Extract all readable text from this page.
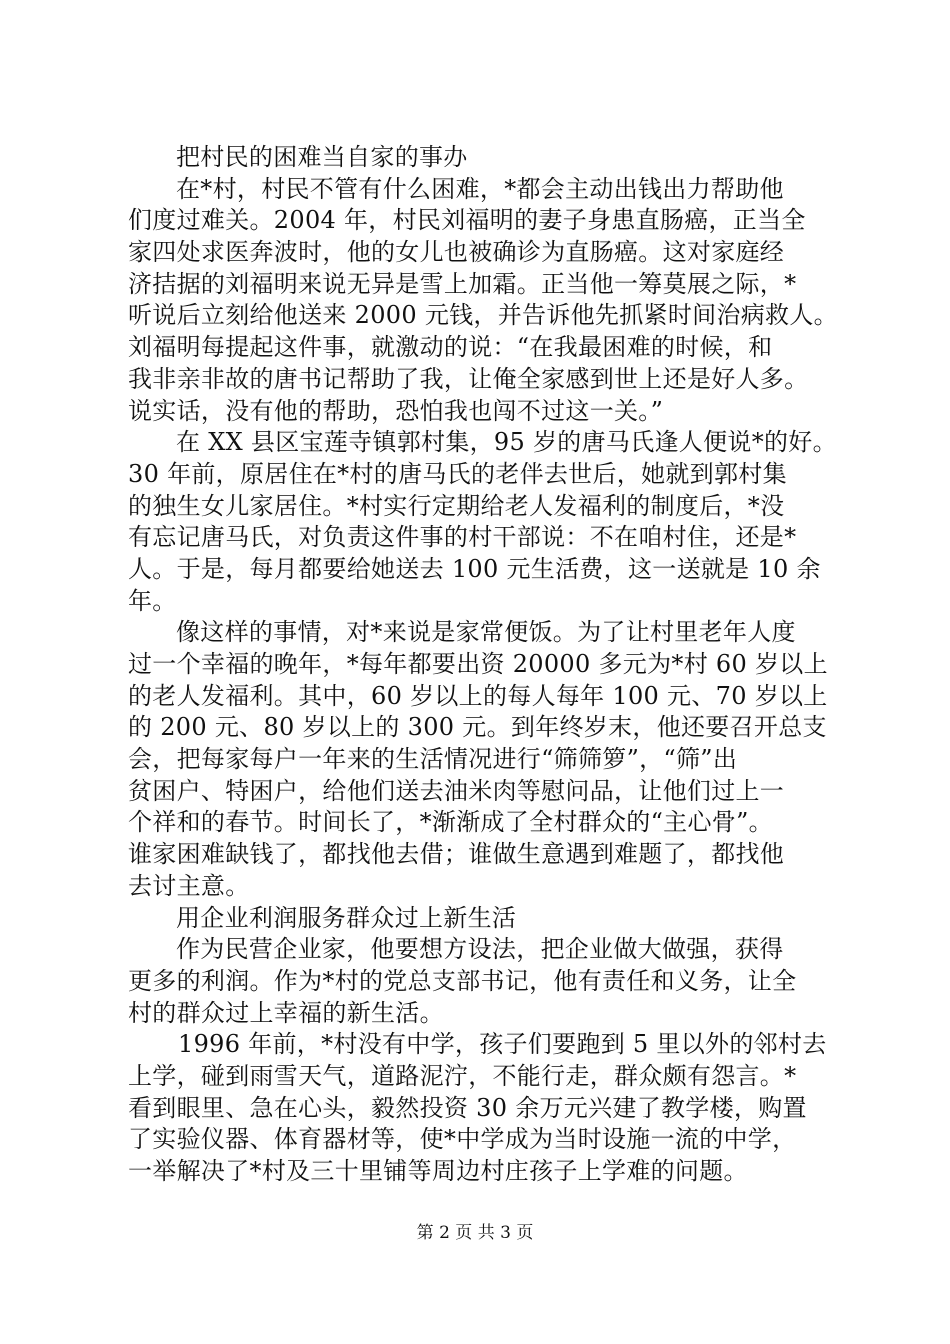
把村民的困难当自家的事办
在*村，村民不管有什么困难，*都会主动出钱出力帮助他
们度过难关。2004 年，村民刘福明的妻子身患直肠癌，正当全
家四处求医奔波时，他的女儿也被确诊为直肠癌。这对家庭经
济拮据的刘福明来说无异是雪上加霜。正当他一筹莫展之际，*
听说后立刻给他送来 2000 元钱，并告诉他先抓紧时间治病救人。
刘福明每提起这件事，就激动的说：“在我最困难的时候，和
我非亲非故的唐书记帮助了我，让俺全家感到世上还是好人多。
说实话，没有他的帮助，恐怕我也闯不过这一关。”
在 XX 县区宝莲寺镇郭村集，95 岁的唐马氏逢人便说*的好。
30 年前，原居住在*村的唐马氏的老伴去世后，她就到郭村集
的独生女儿家居住。*村实行定期给老人发福利的制度后，*没
有忘记唐马氏，对负责这件事的村干部说：不在咱村住，还是*
人。于是，每月都要给她送去 100 元生活费，这一送就是 10 余
年。
像这样的事情，对*来说是家常便饭。为了让村里老年人度
过一个幸福的晚年，*每年都要出资 20000 多元为*村 60 岁以上
的老人发福利。其中，60 岁以上的每人每年 100 元、70 岁以上
的 200 元、80 岁以上的 300 元。到年终岁末，他还要召开总支
会，把每家每户一年来的生活情况进行“筛筛箩”，“筛”出
贫困户、特困户，给他们送去油米肉等慰问品，让他们过上一
个祥和的春节。时间长了，*渐渐成了全村群众的“主心骨”。
谁家困难缺钱了，都找他去借；谁做生意遇到难题了，都找他
去讨主意。
用企业利润服务群众过上新生活
作为民营企业家，他要想方设法，把企业做大做强，获得
更多的利润。作为*村的党总支部书记，他有责任和义务，让全
村的群众过上幸福的新生活。
1996 年前，*村没有中学，孩子们要跑到 5 里以外的邻村去
上学，碰到雨雪天气，道路泥泞，不能行走，群众颇有怨言。*
看到眼里、急在心头，毅然投资 30 余万元兴建了教学楼，购置
了实验仪器、体育器材等，使*中学成为当时设施一流的中学，
一举解决了*村及三十里铺等周边村庄孩子上学难的问题。
第 2 页 共 3 页
